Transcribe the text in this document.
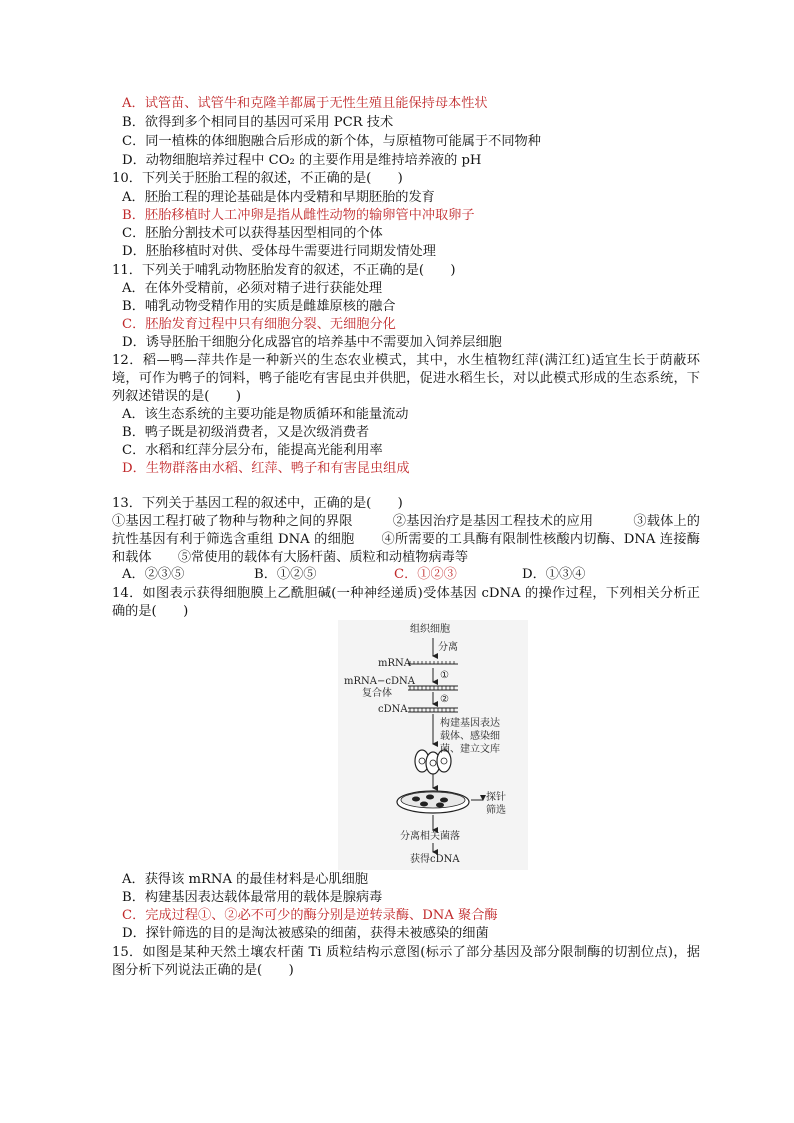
A．试管苗、试管牛和克隆羊都属于无性生殖且能保持母本性状
B．欲得到多个相同目的基因可采用 PCR 技术
C．同一植株的体细胞融合后形成的新个体，与原植物可能属于不同物种
D．动物细胞培养过程中 CO₂ 的主要作用是维持培养液的 pH
10．下列关于胚胎工程的叙述，不正确的是(　　)
A．胚胎工程的理论基础是体内受精和早期胚胎的发育
B．胚胎移植时人工冲卵是指从雌性动物的输卵管中冲取卵子
C．胚胎分割技术可以获得基因型相同的个体
D．胚胎移植时对供、受体母牛需要进行同期发情处理
11．下列关于哺乳动物胚胎发育的叙述，不正确的是(　　)
A．在体外受精前，必须对精子进行获能处理
B．哺乳动物受精作用的实质是雌雄原核的融合
C．胚胎发育过程中只有细胞分裂、无细胞分化
D．诱导胚胎干细胞分化成器官的培养基中不需要加入饲养层细胞
12．稻—鸭—萍共作是一种新兴的生态农业模式，其中，水生植物红萍(满江红)适宜生长于荫蔽环境，可作为鸭子的饲料，鸭子能吃有害昆虫并供肥，促进水稻生长，对以此模式形成的生态系统，下列叙述错误的是(　　)
A．该生态系统的主要功能是物质循环和能量流动
B．鸭子既是初级消费者，又是次级消费者
C．水稻和红萍分层分布，能提高光能利用率
D．生物群落由水稻、红萍、鸭子和有害昆虫组成
13．下列关于基因工程的叙述中，正确的是(　　)
①基因工程打破了物种与物种之间的界限　　　②基因治疗是基因工程技术的应用　　　③载体上的抗性基因有利于筛选含重组 DNA 的细胞　　④所需要的工具酶有限制性核酸内切酶、DNA 连接酶和载体　　⑤常使用的载体有大肠杆菌、质粒和动植物病毒等
A．②③⑤	B．①②⑤	C．①②③	D．①③④
14．如图表示获得细胞膜上乙酰胆碱(一种神经递质)受体基因 cDNA 的操作过程，下列相关分析正确的是(　　)
组织细胞
分离
mRNA
①
mRNA−cDNA
复合体
②
cDNA
构建基因表达
载体、感染细
菌、建立文库
探针
筛选
分离相关菌落
获得cDNA
A．获得该 mRNA 的最佳材料是心肌细胞
B．构建基因表达载体最常用的载体是腺病毒
C．完成过程①、②必不可少的酶分别是逆转录酶、DNA 聚合酶
D．探针筛选的目的是淘汰被感染的细菌，获得未被感染的细菌
15．如图是某种天然土壤农杆菌 Ti 质粒结构示意图(标示了部分基因及部分限制酶的切割位点)，据图分析下列说法正确的是(　　)
